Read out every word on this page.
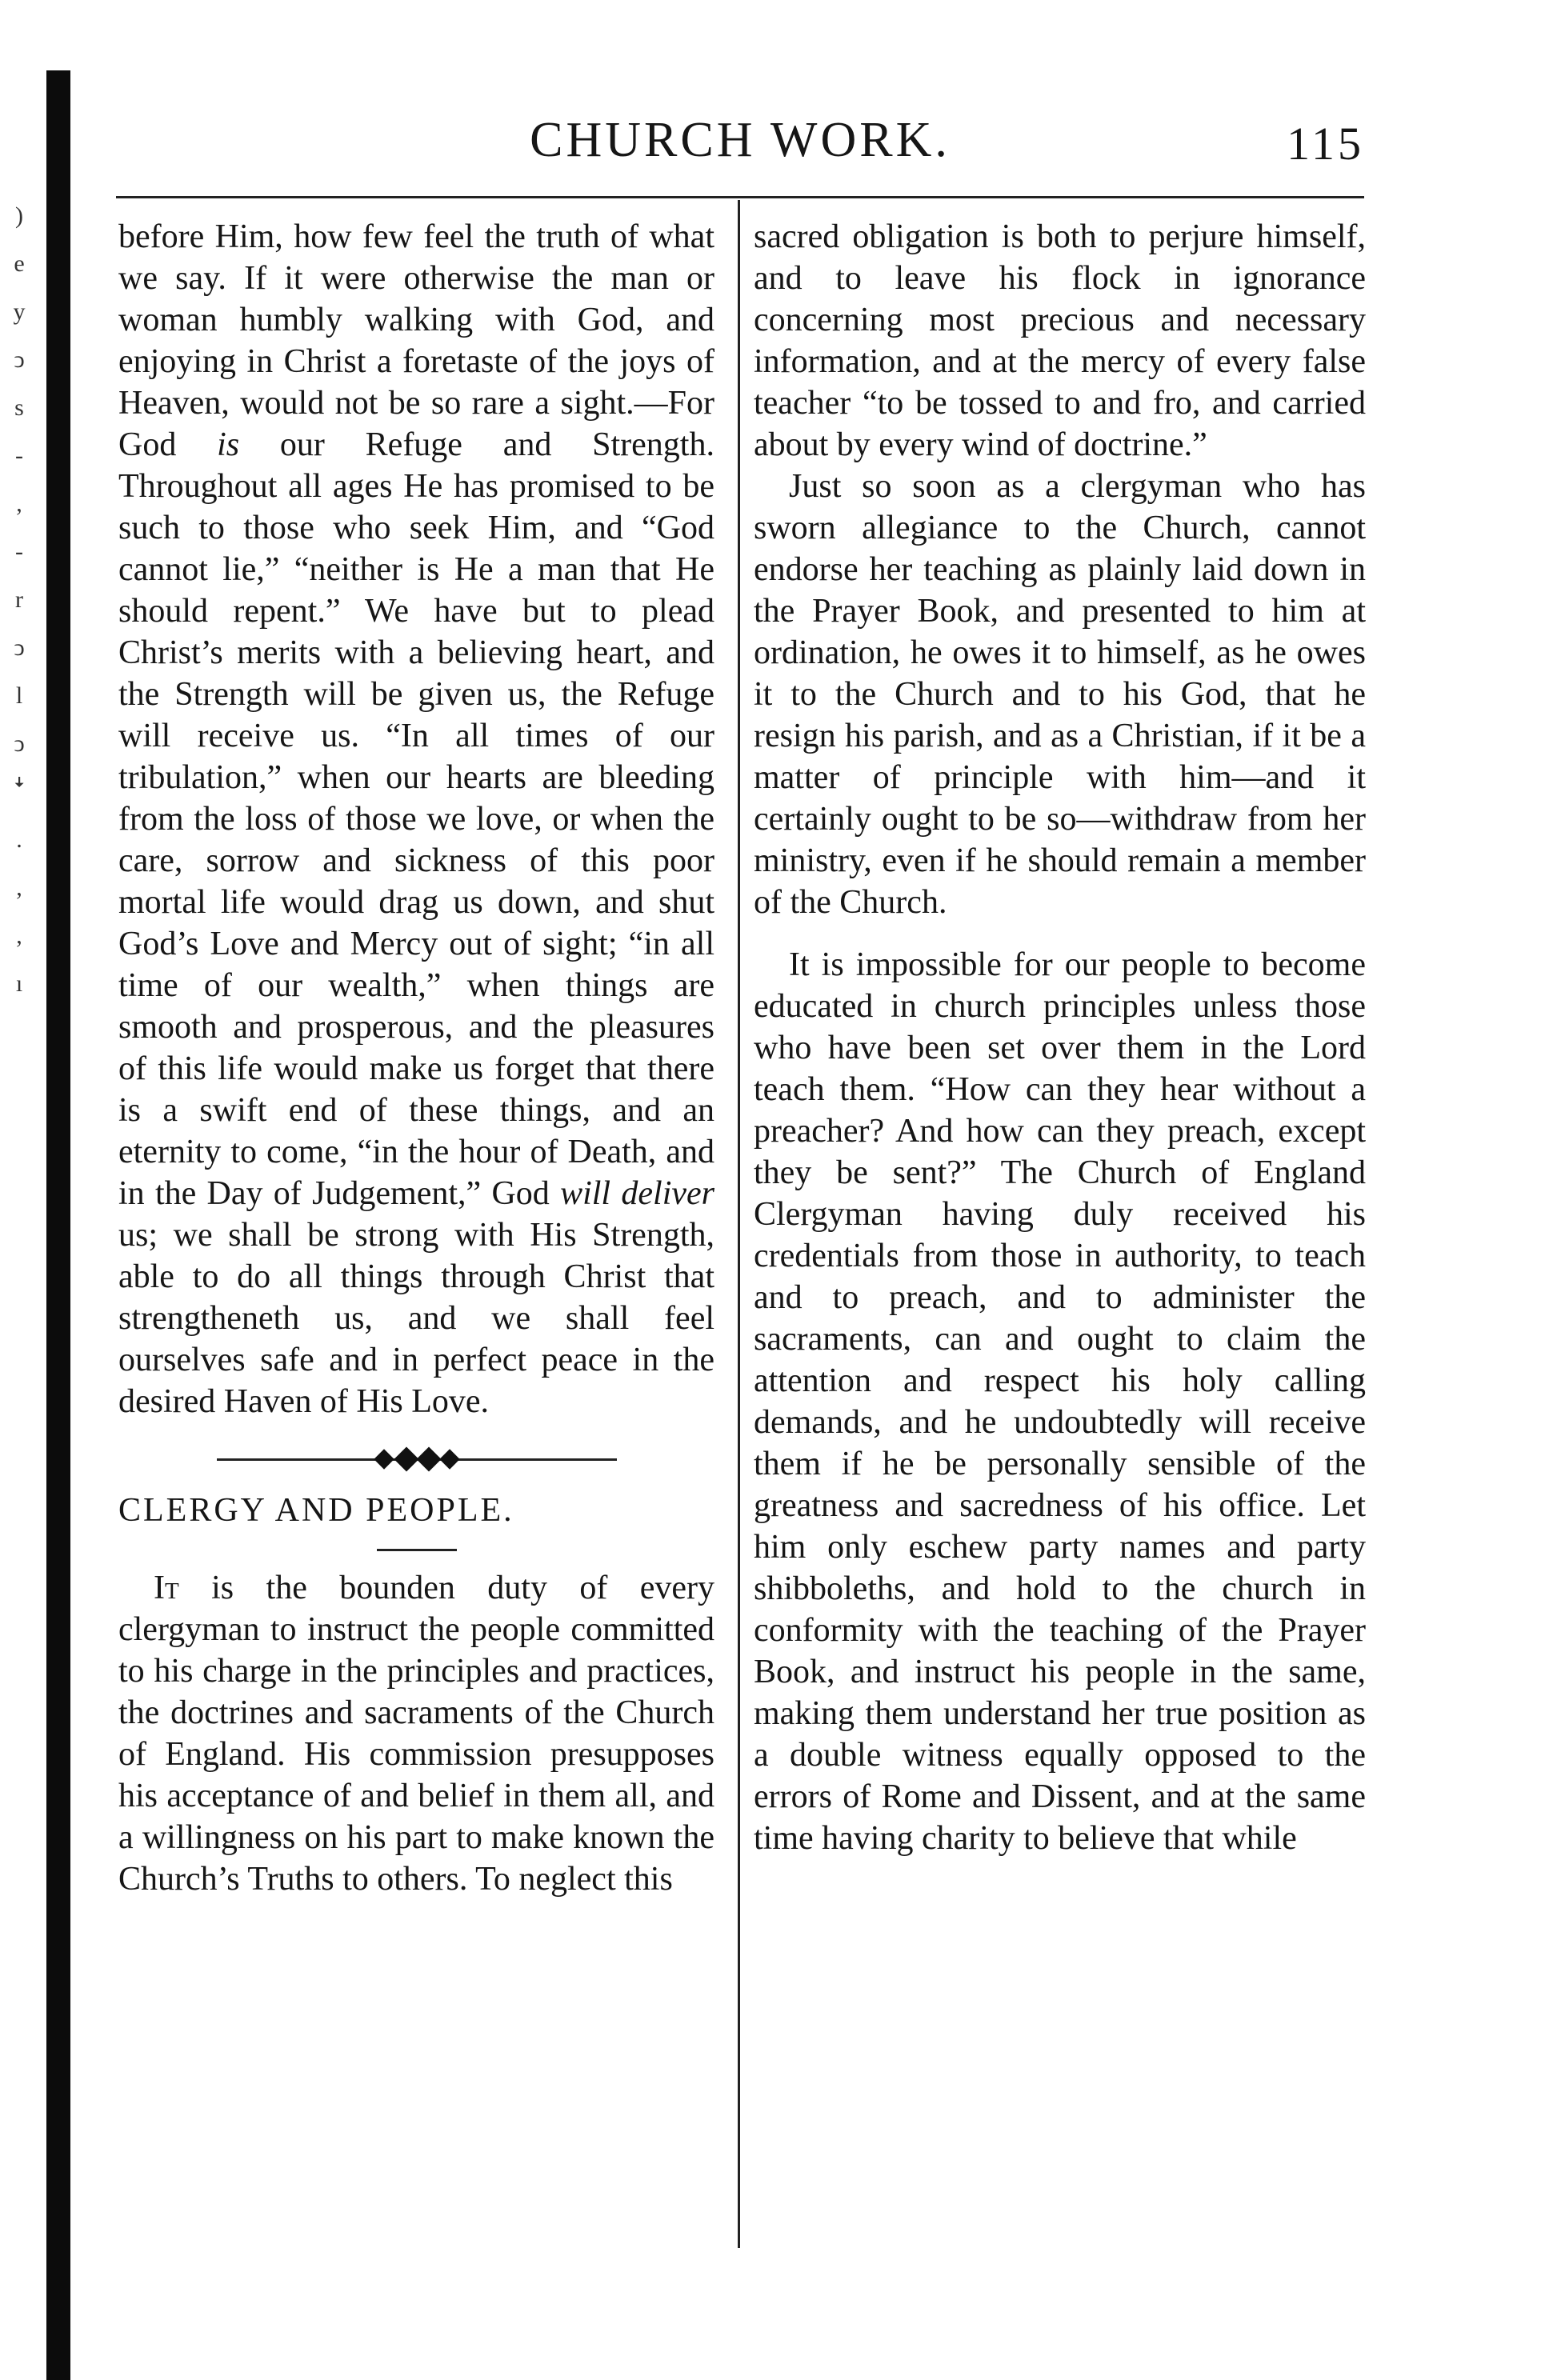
)
e
y
ↄ
s
-
,
-
r
ↄ
l
ↄ
ꜜ
.
,
,
ı
CHURCH WORK.	115

before Him, how few feel the truth of what we say. If it were otherwise the man or woman humbly walking with God, and enjoying in Christ a foretaste of the joys of Heaven, would not be so rare a sight.—For God is our Refuge and Strength. Throughout all ages He has promised to be such to those who seek Him, and “God cannot lie,” “neither is He a man that He should repent.” We have but to plead Christ’s merits with a believing heart, and the Strength will be given us, the Refuge will receive us. “In all times of our tribulation,” when our hearts are bleeding from the loss of those we love, or when the care, sorrow and sickness of this poor mortal life would drag us down, and shut God’s Love and Mercy out of sight; “in all time of our wealth,” when things are smooth and prosperous, and the pleasures of this life would make us forget that there is a swift end of these things, and an eternity to come, “in the hour of Death, and in the Day of Judgement,” God will deliver us; we shall be strong with His Strength, able to do all things through Christ that strengtheneth us, and we shall feel ourselves safe and in perfect peace in the desired Haven of His Love.

CLERGY AND PEOPLE.

It is the bounden duty of every clergyman to instruct the people committed to his charge in the principles and practices, the doctrines and sacraments of the Church of England. His commission presupposes his acceptance of and belief in them all, and a willingness on his part to make known the Church’s Truths to others. To neglect this

sacred obligation is both to perjure himself, and to leave his flock in ignorance concerning most precious and necessary information, and at the mercy of every false teacher “to be tossed to and fro, and carried about by every wind of doctrine.”

Just so soon as a clergyman who has sworn allegiance to the Church, cannot endorse her teaching as plainly laid down in the Prayer Book, and presented to him at ordination, he owes it to himself, as he owes it to the Church and to his God, that he resign his parish, and as a Christian, if it be a matter of principle with him—and it certainly ought to be so—withdraw from her ministry, even if he should remain a member of the Church.

It is impossible for our people to become educated in church principles unless those who have been set over them in the Lord teach them. “How can they hear without a preacher? And how can they preach, except they be sent?” The Church of England Clergyman having duly received his credentials from those in authority, to teach and to preach, and to administer the sacraments, can and ought to claim the attention and respect his holy calling demands, and he undoubtedly will receive them if he be personally sensible of the greatness and sacredness of his office. Let him only eschew party names and party shibboleths, and hold to the church in conformity with the teaching of the Prayer Book, and instruct his people in the same, making them understand her true position as a double witness equally opposed to the errors of Rome and Dissent, and at the same time having charity to believe that while
